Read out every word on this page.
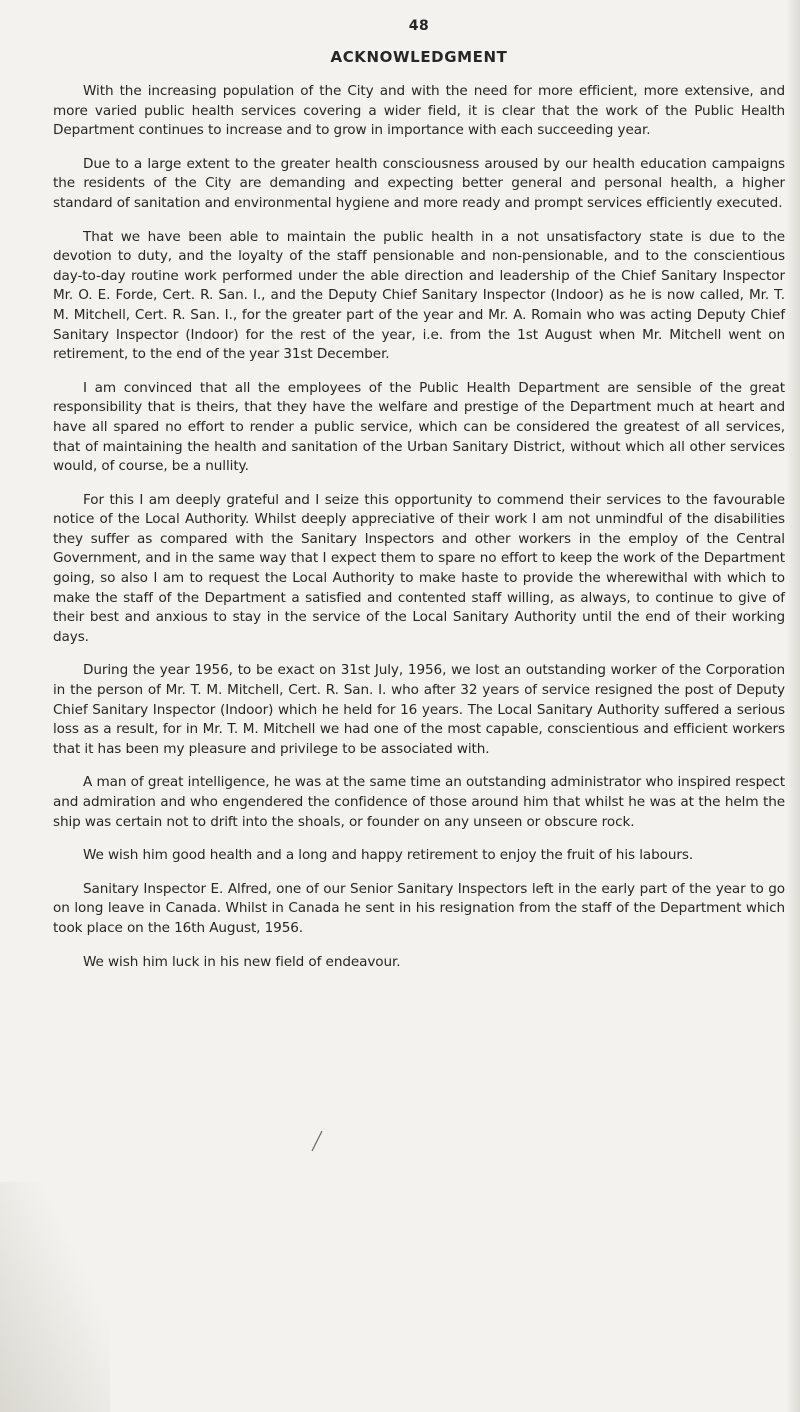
48
ACKNOWLEDGMENT

With the increasing population of the City and with the need for more efficient, more extensive, and more varied public health services covering a wider field, it is clear that the work of the Public Health Department continues to increase and to grow in importance with each succeeding year.

Due to a large extent to the greater health consciousness aroused by our health education campaigns the residents of the City are demanding and expecting better general and personal health, a higher standard of sanitation and environmental hygiene and more ready and prompt services efficiently executed.

That we have been able to maintain the public health in a not unsatisfactory state is due to the devotion to duty, and the loyalty of the staff pensionable and non-pensionable, and to the conscientious day-to-day routine work performed under the able direction and leadership of the Chief Sanitary Inspector Mr. O. E. Forde, Cert. R. San. I., and the Deputy Chief Sanitary Inspector (Indoor) as he is now called, Mr. T. M. Mitchell, Cert. R. San. I., for the greater part of the year and Mr. A. Romain who was acting Deputy Chief Sanitary Inspector (Indoor) for the rest of the year, i.e. from the 1st August when Mr. Mitchell went on retirement, to the end of the year 31st December.

I am convinced that all the employees of the Public Health Department are sensible of the great responsibility that is theirs, that they have the welfare and prestige of the Department much at heart and have all spared no effort to render a public service, which can be considered the greatest of all services, that of maintaining the health and sanitation of the Urban Sanitary District, without which all other services would, of course, be a nullity.

For this I am deeply grateful and I seize this opportunity to commend their services to the favourable notice of the Local Authority. Whilst deeply appreciative of their work I am not unmindful of the disabilities they suffer as compared with the Sanitary Inspectors and other workers in the employ of the Central Government, and in the same way that I expect them to spare no effort to keep the work of the Department going, so also I am to request the Local Authority to make haste to provide the wherewithal with which to make the staff of the Department a satisfied and contented staff willing, as always, to continue to give of their best and anxious to stay in the service of the Local Sanitary Authority until the end of their working days.

During the year 1956, to be exact on 31st July, 1956, we lost an outstanding worker of the Corporation in the person of Mr. T. M. Mitchell, Cert. R. San. I. who after 32 years of service resigned the post of Deputy Chief Sanitary Inspector (Indoor) which he held for 16 years. The Local Sanitary Authority suffered a serious loss as a result, for in Mr. T. M. Mitchell we had one of the most capable, conscientious and efficient workers that it has been my pleasure and privilege to be associated with.

A man of great intelligence, he was at the same time an outstanding administrator who inspired respect and admiration and who engendered the confidence of those around him that whilst he was at the helm the ship was certain not to drift into the shoals, or founder on any unseen or obscure rock.

We wish him good health and a long and happy retirement to enjoy the fruit of his labours.

Sanitary Inspector E. Alfred, one of our Senior Sanitary Inspectors left in the early part of the year to go on long leave in Canada. Whilst in Canada he sent in his resignation from the staff of the Department which took place on the 16th August, 1956.

We wish him luck in his new field of endeavour.
